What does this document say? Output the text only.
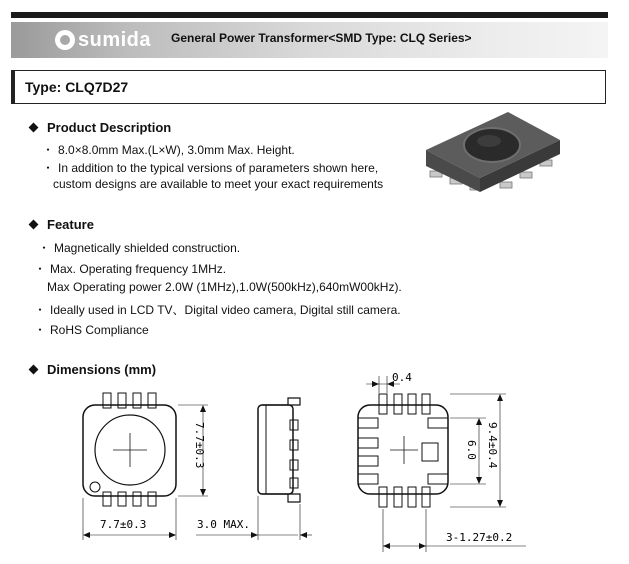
sumida General Power Transformer<SMD Type: CLQ Series>
Type: CLQ7D27
Product Description
・ 8.0×8.0mm Max.(L×W), 3.0mm Max. Height.
・ In addition to the typical versions of parameters shown here,
custom designs are available to meet your exact requirements
Feature
・ Magnetically shielded construction.
・ Max. Operating frequency 1MHz.
Max Operating power 2.0W (1MHz),1.0W(500kHz),640mW00kHz).
・ Ideally used in LCD TV、Digital video camera, Digital still camera.
・ RoHS Compliance
Dimensions (mm)
7.7±0.3
7.7±0.3
3.0 MAX.
0.4
6.0 9.4±0.4
3-1.27±0.2
